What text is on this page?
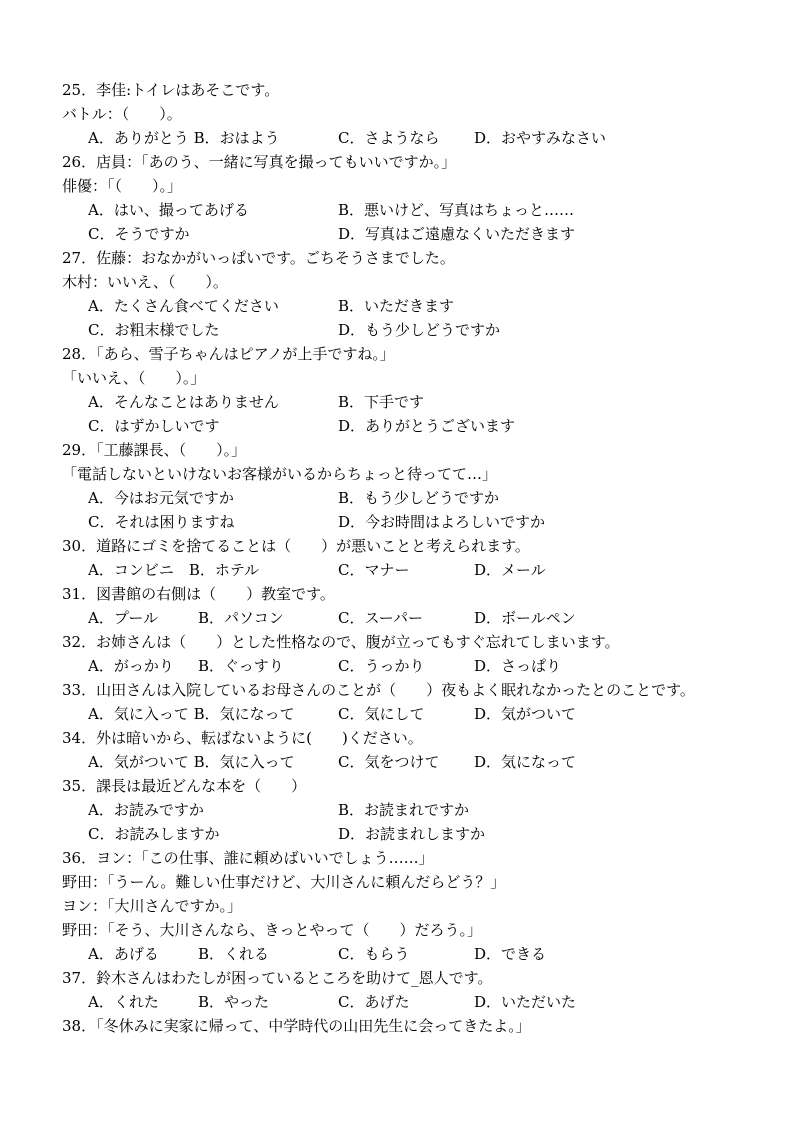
25．李佳:トイレはあそこです。
バトル：（　　）。
A．ありがとう B．おはよう	C．さようなら D．おやすみなさい
26．店員：「あのう、一緒に写真を撮ってもいいですか。」
俳優：「（　　）。」
A．はい、撮ってあげる	B．悪いけど、写真はちょっと……
C．そうですか	D．写真はご遠慮なくいただきます
27．佐藤：おなかがいっぱいです。ごちそうさまでした。
木村：いいえ、（　　）。
A．たくさん食べてください	B．いただきます
C．お粗末様でした	D．もう少しどうですか
28．「あら、雪子ちゃんはピアノが上手ですね。」
「いいえ、（　　）。」
A．そんなことはありません	B．下手です
C．はずかしいです	D．ありがとうございます
29．「工藤課長、（　　）。」
「電話しないといけないお客様がいるからちょっと待ってて…」
A．今はお元気ですか	B．もう少しどうですか
C．それは困りますね	D．今お時間はよろしいですか
30．道路にゴミを捨てることは（　　）が悪いことと考えられます。
A．コンビニ　B．ホテル	C．マナー	D．メール
31．図書館の右側は（　　）教室です。
A．プール	B．パソコン	C．スーパー	D．ボールペン
32．お姉さんは（　　）とした性格なので、腹が立ってもすぐ忘れてしまいます。
A．がっかり B．ぐっすり	C．うっかり	D．さっぱり
33．山田さんは入院しているお母さんのことが（　　）夜もよく眠れなかったとのことです。
A．気に入って B．気になって	C．気にして	D．気がついて
34．外は暗いから、転ばないように(　　)ください。
A．気がついて B．気に入って	C．気をつけて D．気になって
35．課長は最近どんな本を（　　）
A．お読みですか	B．お読まれですか
C．お読みしますか	D．お読まれしますか
36．ヨン：「この仕事、誰に頼めばいいでしょう……」
野田：「うーん。難しい仕事だけど、大川さんに頼んだらどう？」
ヨン：「大川さんですか。」
野田：「そう、大川さんなら、きっとやって（　　）だろう。」
A．あげる	B．くれる	C．もらう	D．できる
37．鈴木さんはわたしが困っているところを助けて_恩人です。
A．くれた	B．やった	C．あげた	D．いただいた
38．「冬休みに実家に帰って、中学時代の山田先生に会ってきたよ。」
